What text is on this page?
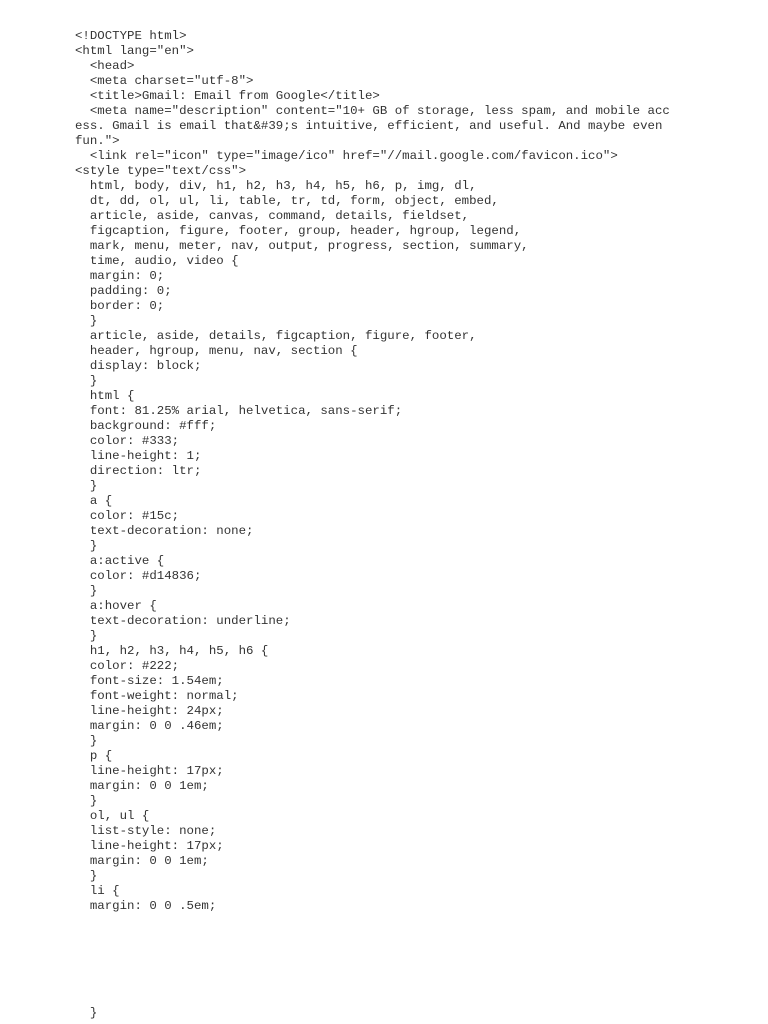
<!DOCTYPE html>
<html lang="en">
<head>
<meta charset="utf-8">
<title>Gmail: Email from Google</title>
<meta name="description" content="10+ GB of storage, less spam, and mobile acc
ess. Gmail is email that&#39;s intuitive, efficient, and useful. And maybe even
fun.">
<link rel="icon" type="image/ico" href="//mail.google.com/favicon.ico">
<style type="text/css">
html, body, div, h1, h2, h3, h4, h5, h6, p, img, dl,
dt, dd, ol, ul, li, table, tr, td, form, object, embed,
article, aside, canvas, command, details, fieldset,
figcaption, figure, footer, group, header, hgroup, legend,
mark, menu, meter, nav, output, progress, section, summary,
time, audio, video {
margin: 0;
padding: 0;
border: 0;
}
article, aside, details, figcaption, figure, footer,
header, hgroup, menu, nav, section {
display: block;
}
html {
font: 81.25% arial, helvetica, sans-serif;
background: #fff;
color: #333;
line-height: 1;
direction: ltr;
}
a {
color: #15c;
text-decoration: none;
}
a:active {
color: #d14836;
}
a:hover {
text-decoration: underline;
}
h1, h2, h3, h4, h5, h6 {
color: #222;
font-size: 1.54em;
font-weight: normal;
line-height: 24px;
margin: 0 0 .46em;
}
p {
line-height: 17px;
margin: 0 0 1em;
}
ol, ul {
list-style: none;
line-height: 17px;
margin: 0 0 1em;
}
li {
margin: 0 0 .5em;
}
